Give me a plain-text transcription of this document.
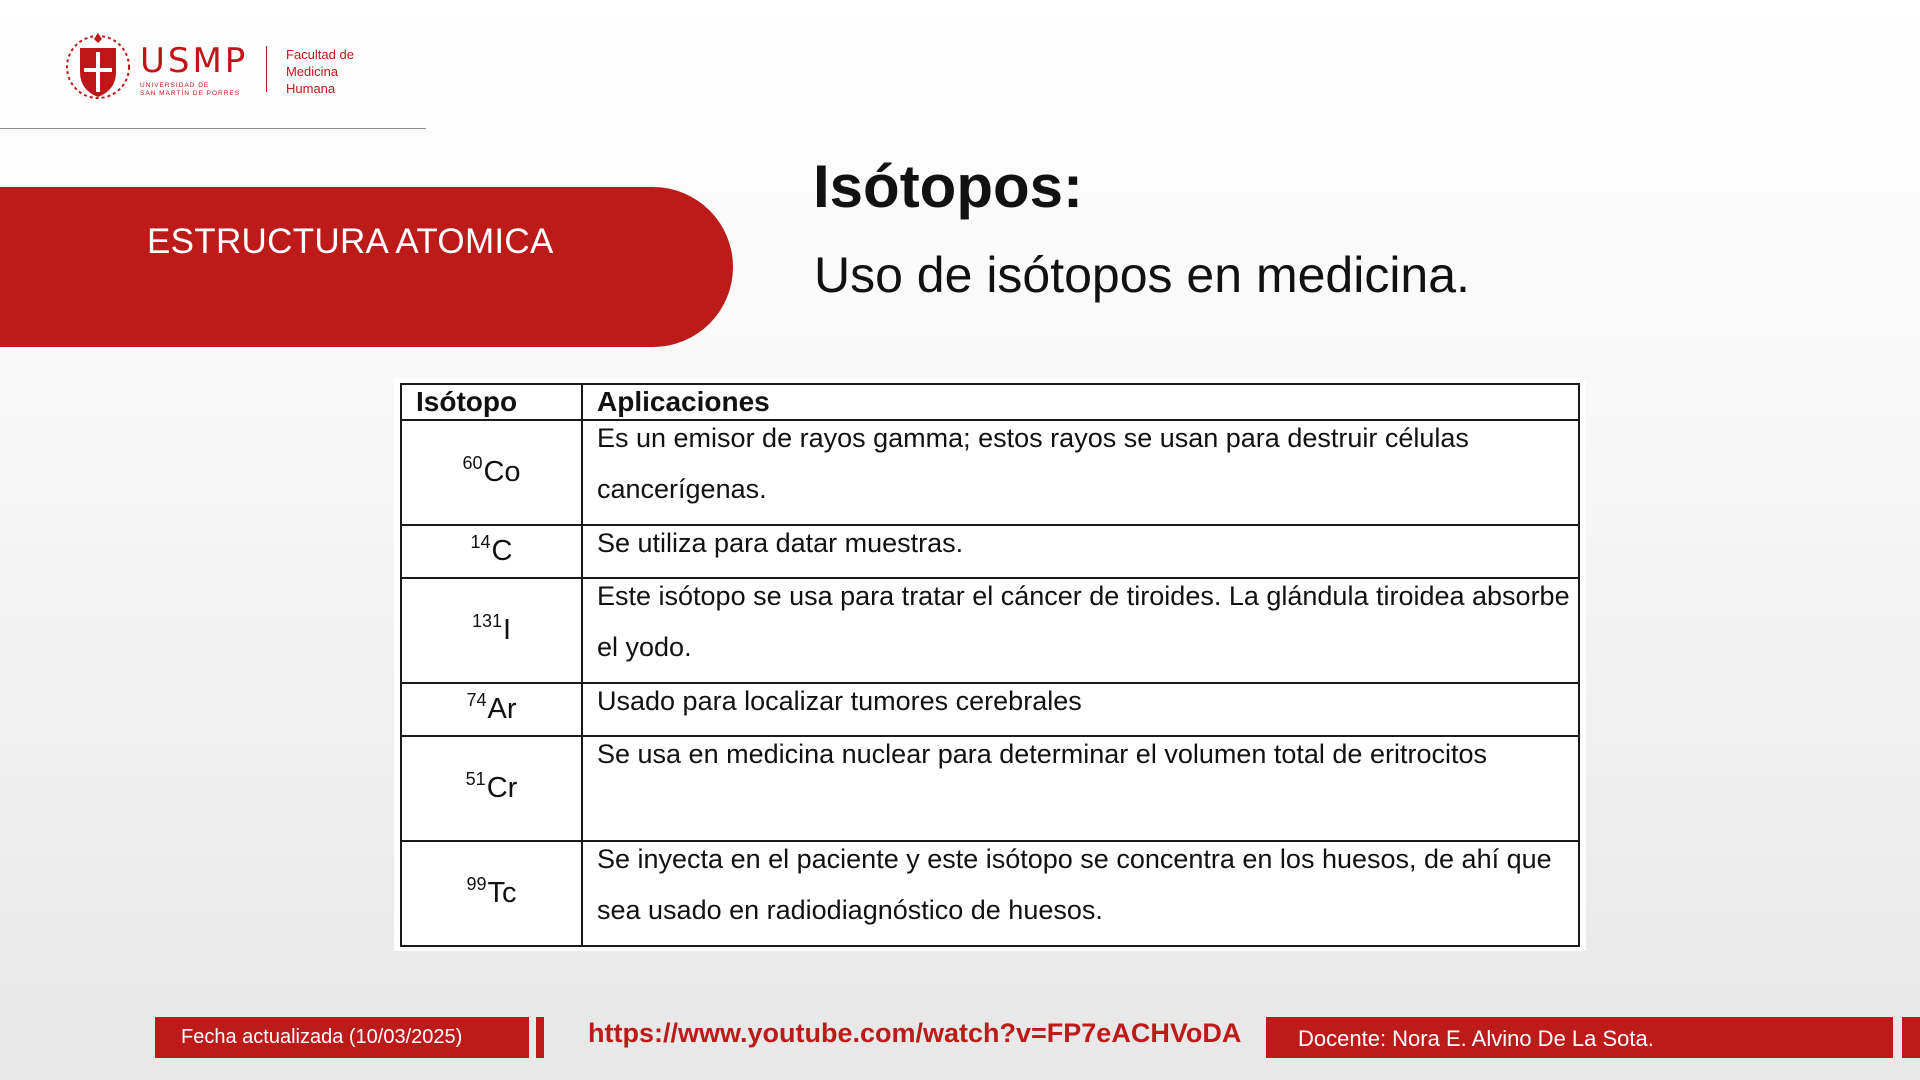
USMP
UNIVERSIDAD DE
SAN MARTÍN DE PORRES
Facultad de
Medicina
Humana
ESTRUCTURA ATOMICA
Isótopos:
Uso de isótopos en medicina.
Isótopo	Aplicaciones
$^{60}$Co	Es un emisor de rayos gamma; estos rayos se usan para destruir células cancerígenas.

$^{14}$C	Se utiliza para datar muestras.

$^{131}$I	Este isótopo se usa para tratar el cáncer de tiroides. La glándula tiroidea absorbe el yodo.

$^{74}$Ar	Usado para localizar tumores cerebrales

$^{51}$Cr	Se usa en medicina nuclear para determinar el volumen total de eritrocitos

$^{99}$Tc	Se inyecta en el paciente y este isótopo se concentra en los huesos, de ahí que sea usado en radiodiagnóstico de huesos.
Fecha actualizada (10/03/2025)	https://www.youtube.com/watch?v=FP7eACHVoDA	Docente: Nora E. Alvino De La Sota.
